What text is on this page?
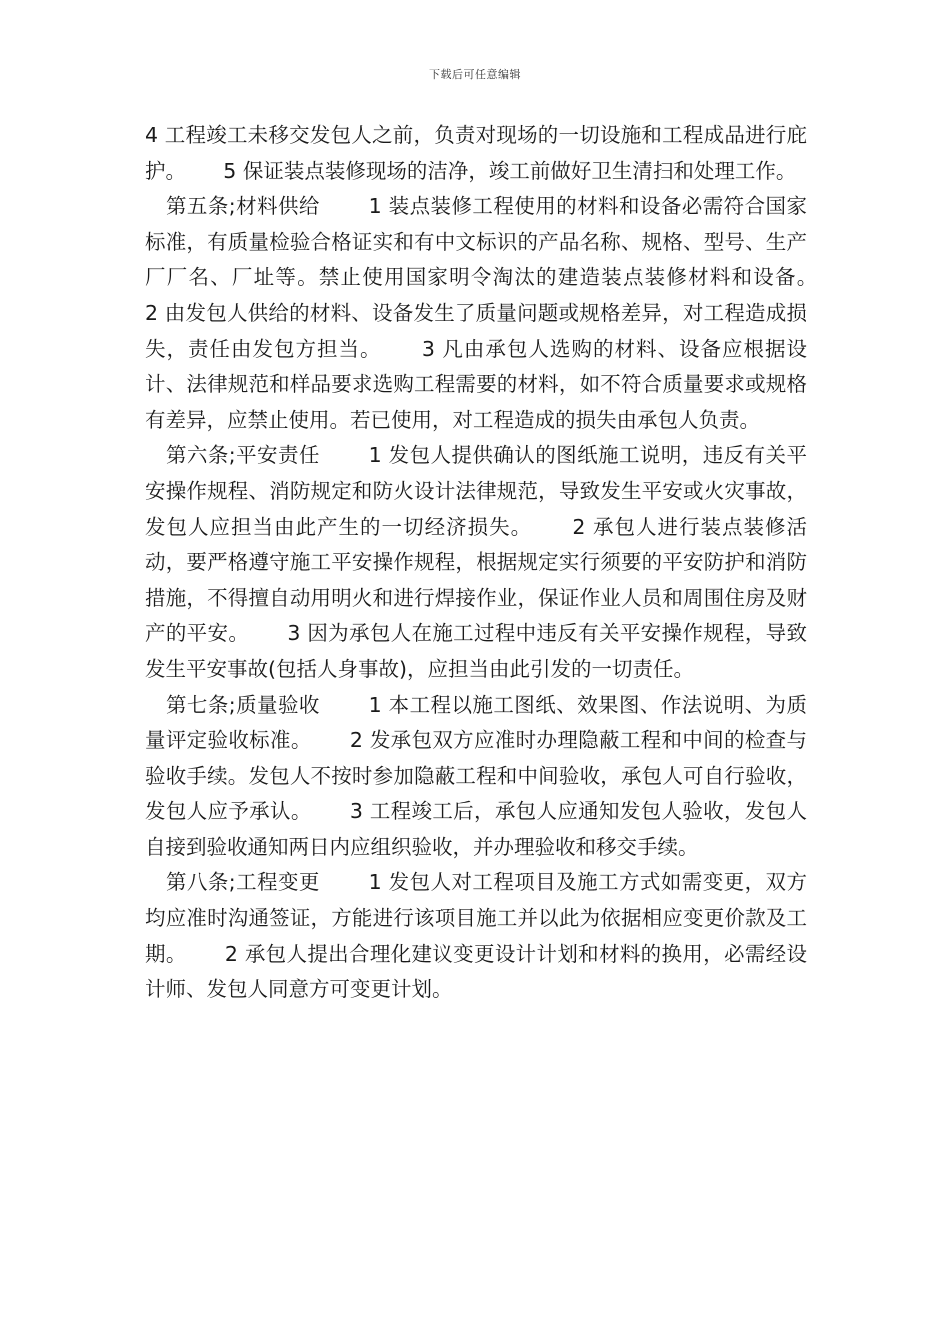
下载后可任意编辑

4 工程竣工未移交发包人之前，负责对现场的一切设施和工程成品进行庇护。　　 5 保证装点装修现场的洁净，竣工前做好卫生清扫和处理工作。

　第五条;材料供给　　 1 装点装修工程使用的材料和设备必需符合国家标准，有质量检验合格证实和有中文标识的产品名称、规格、型号、生产厂厂名、厂址等。禁止使用国家明令淘汰的建造装点装修材料和设备。　　 2 由发包人供给的材料、设备发生了质量问题或规格差异，对工程造成损失，责任由发包方担当。　　 3 凡由承包人选购的材料、设备应根据设计、法律规范和样品要求选购工程需要的材料，如不符合质量要求或规格有差异，应禁止使用。若已使用，对工程造成的损失由承包人负责。

　第六条;平安责任　　 1 发包人提供确认的图纸施工说明，违反有关平安操作规程、消防规定和防火设计法律规范，导致发生平安或火灾事故，发包人应担当由此产生的一切经济损失。　　 2 承包人进行装点装修活动，要严格遵守施工平安操作规程，根据规定实行须要的平安防护和消防措施，不得擅自动用明火和进行焊接作业，保证作业人员和周围住房及财产的平安。　　 3 因为承包人在施工过程中违反有关平安操作规程，导致发生平安事故(包括人身事故)，应担当由此引发的一切责任。

　第七条;质量验收　　 1 本工程以施工图纸、效果图、作法说明、为质量评定验收标准。　　 2 发承包双方应准时办理隐蔽工程和中间的检查与验收手续。发包人不按时参加隐蔽工程和中间验收，承包人可自行验收，发包人应予承认。　　 3 工程竣工后，承包人应通知发包人验收，发包人自接到验收通知两日内应组织验收，并办理验收和移交手续。

　第八条;工程变更　　 1 发包人对工程项目及施工方式如需变更，双方均应准时沟通签证，方能进行该项目施工并以此为依据相应变更价款及工期。　　 2 承包人提出合理化建议变更设计计划和材料的换用，必需经设计师、发包人同意方可变更计划。
